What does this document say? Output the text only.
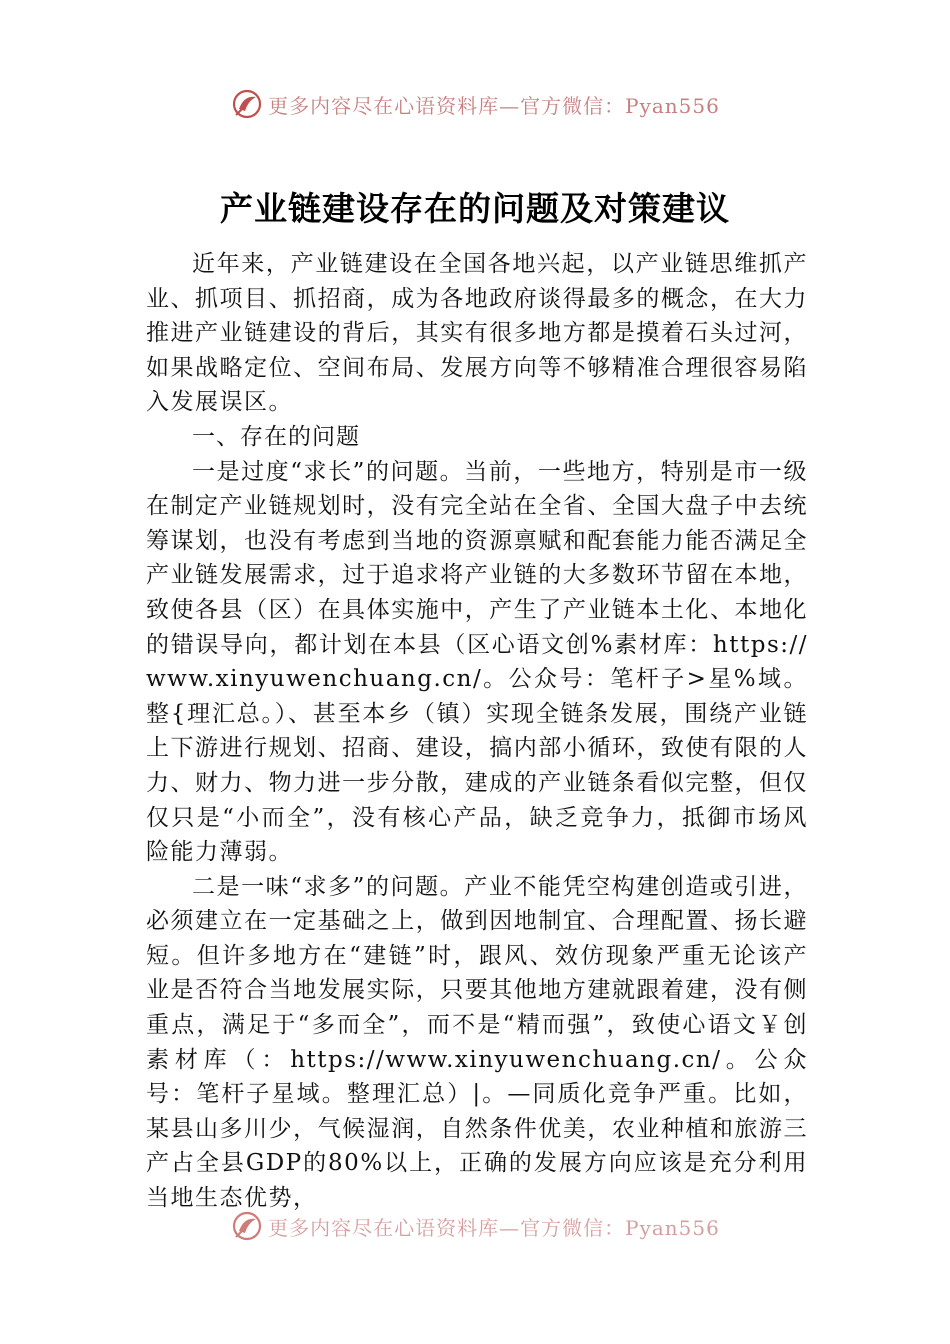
更多内容尽在心语资料库—官方微信：Pyan556
产业链建设存在的问题及对策建议

近年来，产业链建设在全国各地兴起，以产业链思维抓产业、抓项目、抓招商，成为各地政府谈得最多的概念，在大力推进产业链建设的背后，其实有很多地方都是摸着石头过河，如果战略定位、空间布局、发展方向等不够精准合理很容易陷入发展误区。

一、存在的问题

一是过度“求长”的问题。当前，一些地方，特别是市一级在制定产业链规划时，没有完全站在全省、全国大盘子中去统筹谋划，也没有考虑到当地的资源禀赋和配套能力能否满足全产业链发展需求，过于追求将产业链的大多数环节留在本地，致使各县（区）在具体实施中，产生了产业链本土化、本地化的错误导向，都计划在本县（区心语文创%素材库：https://www.xinyuwenchuang.cn/。公众号：笔杆子>星%域。整{理汇总。）、甚至本乡（镇）实现全链条发展，围绕产业链上下游进行规划、招商、建设，搞内部小循环，致使有限的人力、财力、物力进一步分散，建成的产业链条看似完整，但仅仅只是“小而全”，没有核心产品，缺乏竞争力，抵御市场风险能力薄弱。

二是一味“求多”的问题。产业不能凭空构建创造或引进，必须建立在一定基础之上，做到因地制宜、合理配置、扬长避短。但许多地方在“建链”时，跟风、效仿现象严重无论该产业是否符合当地发展实际，只要其他地方建就跟着建，没有侧重点，满足于“多而全”，而不是“精而强”，致使心语文￥创素材库（：https://www.xinyuwenchuang.cn/。公众号：笔杆子星域。整理汇总）|。—同质化竞争严重。比如，某县山多川少，气候湿润，自然条件优美，农业种植和旅游三产占全县GDP的80%以上，正确的发展方向应该是充分利用当地生态优势，

更多内容尽在心语资料库—官方微信：Pyan556
